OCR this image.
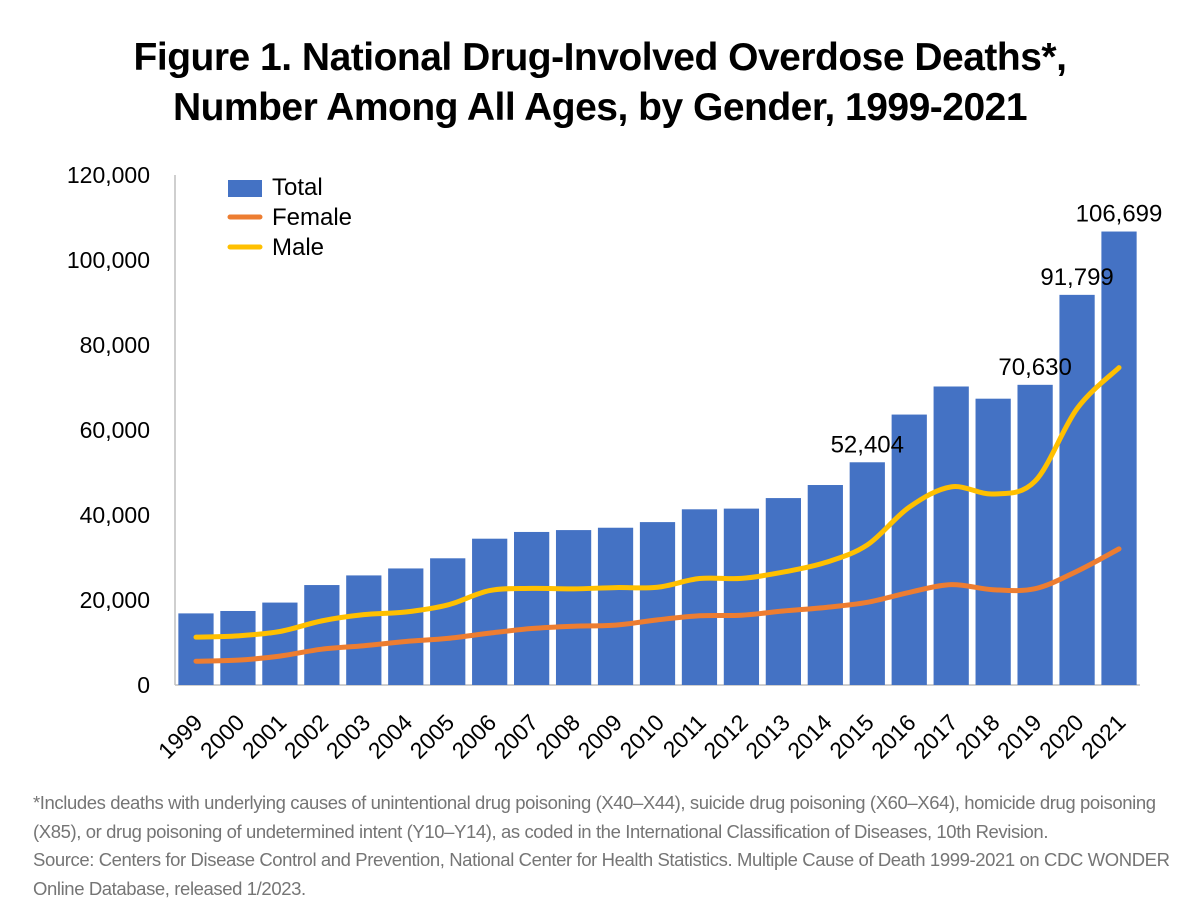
Figure 1. National Drug-Involved Overdose Deaths*,
Number Among All Ages, by Gender, 1999-2021
0
20,000
40,000
60,000
80,000
100,000
120,000
1999
2000
2001
2002
2003
2004
2005
2006
2007
2008
2009
2010
2011
2012
2013
2014
2015
2016
2017
2018
2019
2020
2021
52,404
70,630
91,799
106,699
Total
Female
Male

*Includes deaths with underlying causes of unintentional drug poisoning (X40–X44), suicide drug poisoning (X60–X64), homicide drug poisoning (X85), or drug poisoning of undetermined intent (Y10–Y14), as coded in the International Classification of Diseases, 10th Revision.

Source: Centers for Disease Control and Prevention, National Center for Health Statistics. Multiple Cause of Death 1999-2021 on CDC WONDER Online Database, released 1/2023.
